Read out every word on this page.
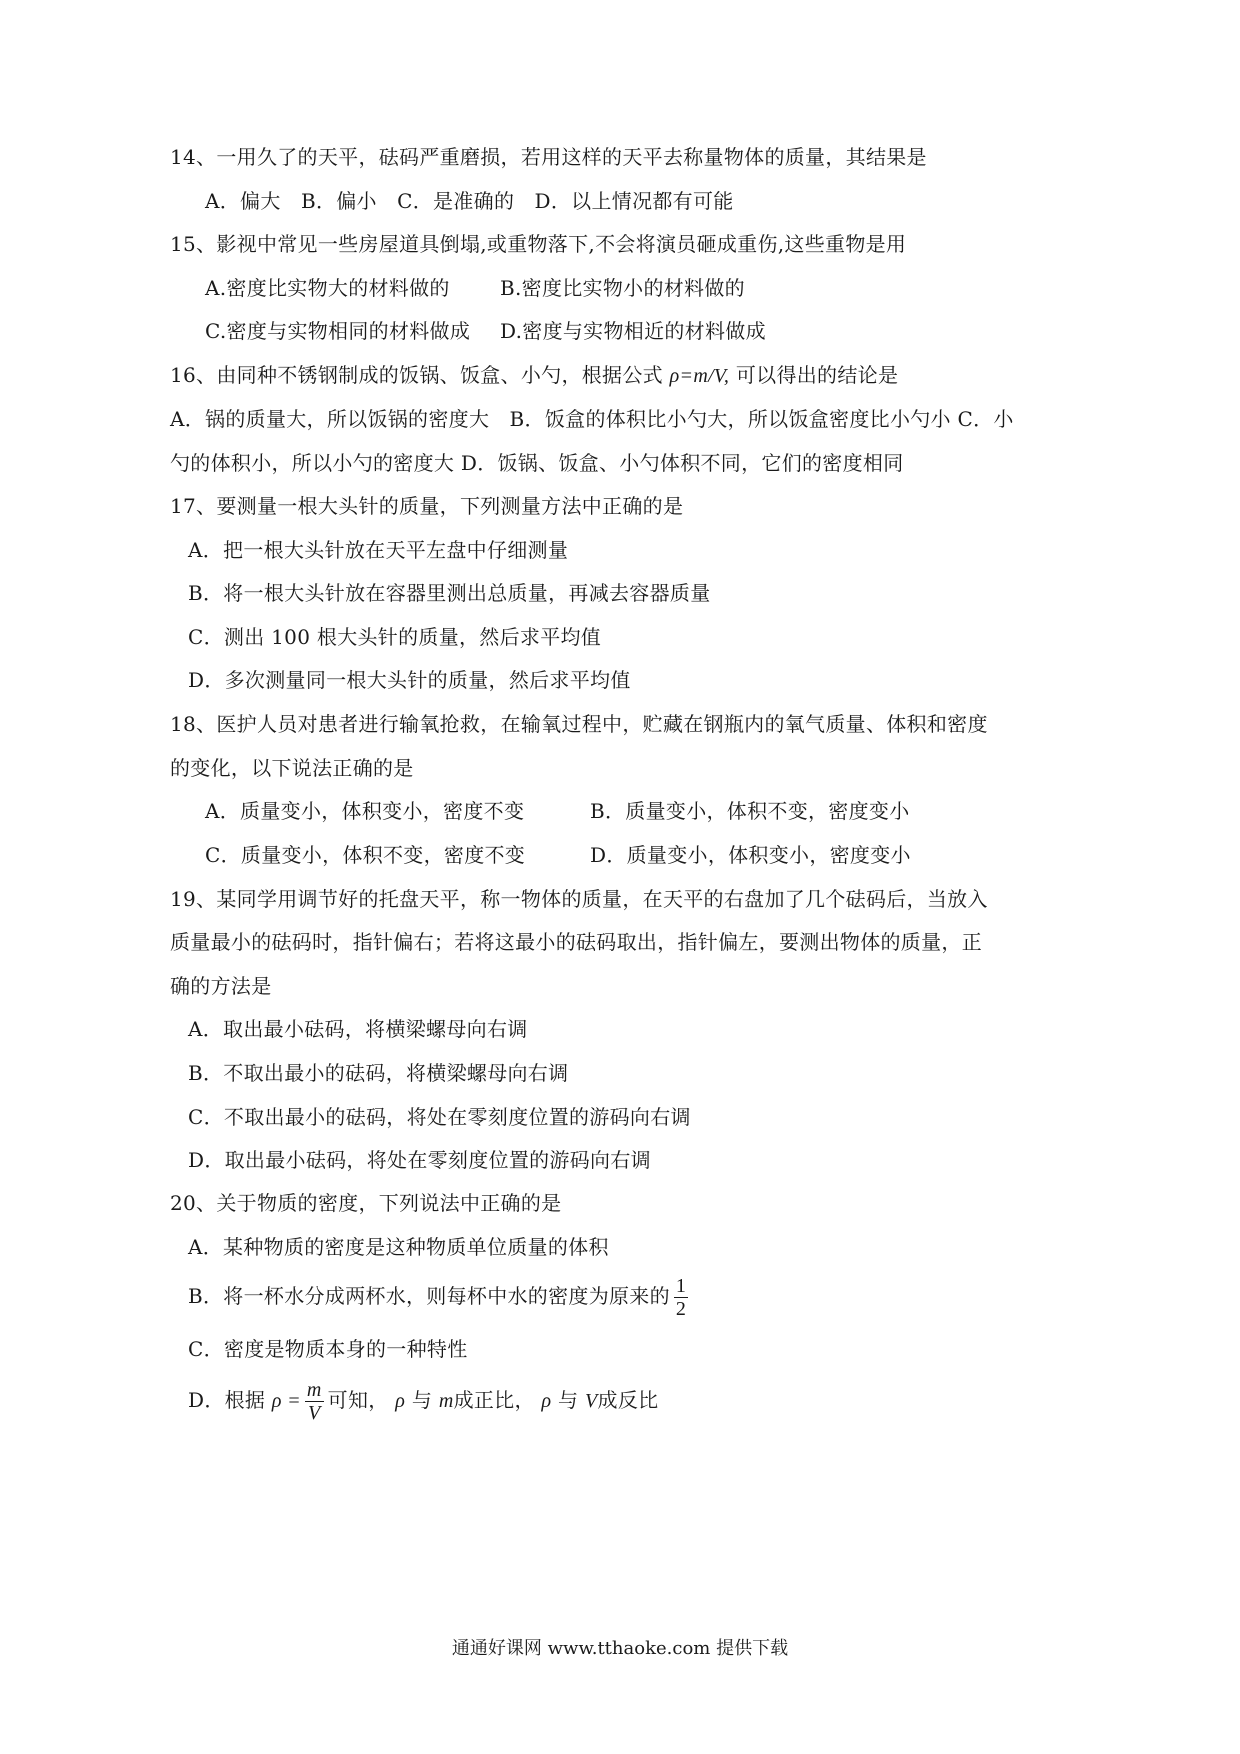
14、一用久了的天平，砝码严重磨损，若用这样的天平去称量物体的质量，其结果是
A．偏大　B．偏小　C．是准确的　D．以上情况都有可能
15、影视中常见一些房屋道具倒塌,或重物落下,不会将演员砸成重伤,这些重物是用
A.密度比实物大的材料做的	B.密度比实物小的材料做的
C.密度与实物相同的材料做成 D.密度与实物相近的材料做成
16、由同种不锈钢制成的饭锅、饭盒、小勺，根据公式 ρ=m/V, 可以得出的结论是
A．锅的质量大，所以饭锅的密度大　B．饭盒的体积比小勺大，所以饭盒密度比小勺小 C．小
勺的体积小，所以小勺的密度大 D．饭锅、饭盒、小勺体积不同，它们的密度相同
17、要测量一根大头针的质量，下列测量方法中正确的是
A．把一根大头针放在天平左盘中仔细测量
B．将一根大头针放在容器里测出总质量，再减去容器质量
C．测出 100 根大头针的质量，然后求平均值
D．多次测量同一根大头针的质量，然后求平均值
18、医护人员对患者进行输氧抢救，在输氧过程中，贮藏在钢瓶内的氧气质量、体积和密度
的变化，以下说法正确的是
A．质量变小，体积变小，密度不变	B．质量变小，体积不变，密度变小
C．质量变小，体积不变，密度不变	D．质量变小，体积变小，密度变小
19、某同学用调节好的托盘天平，称一物体的质量，在天平的右盘加了几个砝码后，当放入
质量最小的砝码时，指针偏右；若将这最小的砝码取出，指针偏左，要测出物体的质量，正
确的方法是
A．取出最小砝码，将横梁螺母向右调
B．不取出最小的砝码，将横梁螺母向右调
C．不取出最小的砝码，将处在零刻度位置的游码向右调
D．取出最小砝码，将处在零刻度位置的游码向右调
20、关于物质的密度，下列说法中正确的是
A．某种物质的密度是这种物质单位质量的体积
B．将一杯水分成两杯水，则每杯中水的密度为原来的 $\frac{1}{2}$
C．密度是物质本身的一种特性
D．根据 $\rho = \frac{m}{V}$ 可知， ρ 与 m成正比， ρ 与 V成反比
通通好课网 www.tthaoke.com 提供下载
